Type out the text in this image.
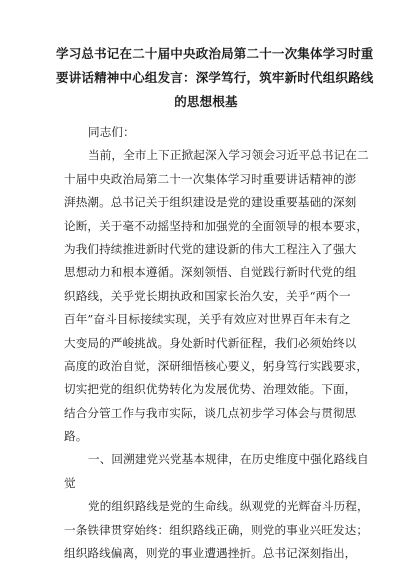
学习总书记在二十届中央政治局第二十一次集体学习时重
要讲话精神中心组发言：深学笃行，筑牢新时代组织路线
的思想根基
同志们：
当前，全市上下正掀起深入学习领会习近平总书记在二
十届中央政治局第二十一次集体学习时重要讲话精神的澎
湃热潮。总书记关于组织建设是党的建设重要基础的深刻
论断，关于毫不动摇坚持和加强党的全面领导的根本要求，
为我们持续推进新时代党的建设新的伟大工程注入了强大
思想动力和根本遵循。深刻领悟、自觉践行新时代党的组
织路线，关乎党长期执政和国家长治久安，关乎“两个一
百年”奋斗目标接续实现，关乎有效应对世界百年未有之
大变局的严峻挑战。身处新时代新征程，我们必须始终以
高度的政治自觉，深研细悟核心要义，躬身笃行实践要求，
切实把党的组织优势转化为发展优势、治理效能。下面，
结合分管工作与我市实际，谈几点初步学习体会与贯彻思
路。
一、回溯建党兴党基本规律，在历史维度中强化路线自
觉
党的组织路线是党的生命线。纵观党的光辉奋斗历程，
一条铁律贯穿始终：组织路线正确，则党的事业兴旺发达；
组织路线偏离，则党的事业遭遇挫折。总书记深刻指出，
